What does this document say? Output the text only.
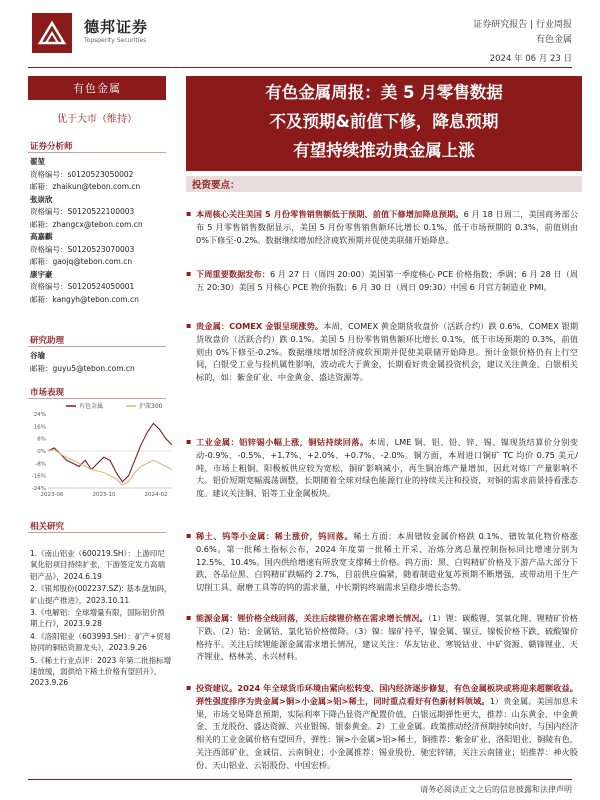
德邦证券
Topsperity Securities
证券研究报告 | 行业周报
有色金属
2024 年 06 月 23 日
有色金属
优于大市（维持）
证券分析师
翟堃
资格编号：s0120523050002
邮箱：zhaikun@tebon.com.cn
张崇欣
资格编号：S0120522100003
邮箱：zhangcx@tebon.com.cn
高嘉麒
资格编号：S0120523070003
邮箱：gaojq@tebon.com.cn
康宇豪
资格编号：S0120524050001
邮箱：kangyh@tebon.com.cn
研究助理
谷瑜
邮箱：guyu5@tebon.com.cn
市场表现
24%
16%
8%
0%
-8%
-16%
-24%
2023-06	2023-10	2024-02
有色金属	沪深300
相关研究
1.《南山铝业（600219.SH）：上游印尼氧化铝项目持续扩张，下游签定发力高端铝产品》，2024.6.19
2.《银邦股份(002237.SZ): 基本盘加码，矿山提产推进》，2023.10.11
3.《电解铝：全球增量有限，国际铝价预期上行》，2023.9.28
4.《洛阳钼业（603993.SH）：矿产+贸易协同的铜钴资源龙头》，2023.9.26
5.《稀土行业点评：2023 年第二批指标增速放缓，弱供给下稀土价格有望回升》，2023.9.26
有色金属周报：美 5 月零售数据
不及预期&前值下修，降息预期
有望持续推动贵金属上涨
投资要点：
▪ 本周核心关注美国 5 月份零售销售额低于预期、前值下修增加降息预期。6 月 18 日周二，美国商务部公布 5 月零售销售数据显示，美国 5 月份零售销售额环比增长 0.1%，低于市场预期的 0.3%，前值则由 0%下修至-0.2%。数据继续增加经济疲软预期并促使美联储开始降息。
▪ 下周重要数据发布：6 月 27 日（周四 20:00）美国第一季度核心 PCE 价格指数；季调；6 月 28 日（周五 20:30）美国 5 月核心 PCE 物价指数；6 月 30 日（周日 09:30）中国 6 月官方制造业 PMI。
▪ 贵金属：COMEX 金银呈现涨势。本周，COMEX 黄金期货收盘价（活跃合约）跌 0.6%，COMEX 银期货收盘价（活跃合约）跌 0.1%。美国 5 月份零售销售额环比增长 0.1%，低于市场预期的 0.3%，前值则由 0%下修至-0.2%。数据继续增加经济疲软预期并促使美联储开始降息。预计金银价格仍有上行空间，白银受工业与投机属性影响，波动或大于黄金，长期看好贵金属投资机会，建议关注黄金、白银相关标的，如：紫金矿业、中金黄金、盛达资源等。
▪ 工业金属：铝锌锡小幅上涨，铜钴持续回落。本周，LME 铜、铝、铅、锌、锡、镍现货结算价分别变动-0.9%、-0.5%、+1.7%、+2.0%、+0.7%、-2.0%。铜方面，本周进口铜矿 TC 均价 0.75 美元/吨，市场上粗铜、阳极板供应较为宽松，铜矿影响减小，再生铜冶炼产量增加，因此对炼厂产量影响不大。铝价短期宽幅震荡调整，长期随着全球对绿色能源行业的持续关注和投资，对铜的需求前景持看涨态度。建议关注铜、铝等工业金属板块。
▪ 稀土、钨等小金属：稀土涨价，钨回落。稀土方面：本周镨钕金属价格跌 0.1%、镨钕氧化物价格涨 0.6%。第一批稀土指标公布，2024 年度第一批稀土开采、冶炼分离总量控制指标同比增速分别为 12.5%、10.4%。国内供给增速有所放宽支撑稀土价格。钨方面：黑、白钨精矿价格及下游产品大部分下跌，各品位黑、白钨精矿跌幅约 2.7%，目前供应偏紧，随着制造业复苏预期不断增强，或带动用于生产切削工具、耐磨工具等的钨的需求量，中长期钨终端需求呈稳步增长态势。
▪ 能源金属：锂价格全线回落，关注后续锂价格在需求增长情况。（1）锂：碳酸锂、氢氧化锂、锂精矿价格下跌。（2）钴：金属钴、氯化钴价格微降。（3）镍：镍矿持平，镍金属、镍豆、镍板价格下跌，硫酸镍价格持平。关注后续锂能源金属需求增长情况，建议关注：华友钴业、寒锐钴业、中矿资源、赣锋锂业、天齐锂业、格林美、永兴材料。
▪ 投资建议。2024 年全球货币环境由紧向松转变、国内经济逐步修复，有色金属板块或将迎来超额收益。弹性强度排序为贵金属>铜>小金属>铝>稀土，同时重点看好有色新材料领域。1）贵金属。美国加息未果，市场交易降息预期，实际利率下降凸显资产配置价值，白银远期弹性更大，推荐：山东黄金、中金黄金、玉龙股份、盛达资源、兴业银锡、银泰黄金。2）工业金属。政策推动经济预期持续向好，与国内经济相关的工业金属价格有望回升，弹性：铜>小金属>铝>稀土，铜推荐：紫金矿业、洛阳钼业、铜陵有色，关注西部矿业、金诚信、云南铜业；小金属推荐：锡业股份、驰宏锌锗，关注云南锗业；铝推荐：神火股份、天山铝业、云铝股份、中国宏桥。
请务必阅读正文之后的信息披露和法律声明
